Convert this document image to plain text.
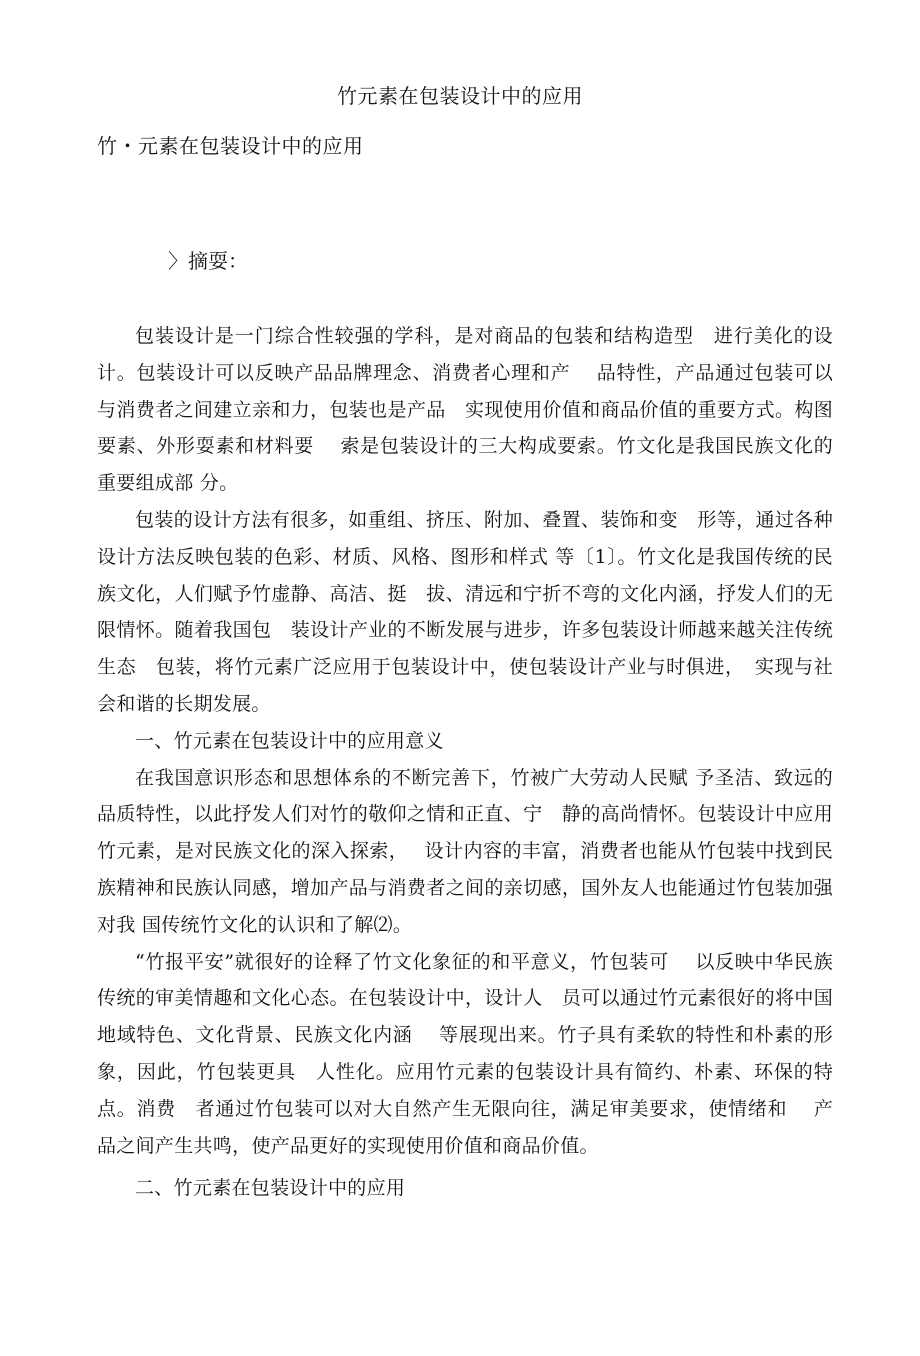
竹元素在包装设计中的应用
竹・元素在包装设计中的应用
〉摘耍：

包装设计是一门综合性较强的学科，是对商品的包装和结构造型　进行美化的设计。包装设计可以反映产品品牌理念、消费者心理和产　 品特性，产品通过包装可以与消费者之间建立亲和力，包装也是产品　实现使用价值和商品价值的重要方式。构图要素、外形耍素和材料要　 索是包装设计的三大构成要索。竹文化是我国民族文化的重要组成部 分。

包装的设计方法有很多，如重组、挤压、附加、叠置、装饰和变　形等，通过各种设计方法反映包装的色彩、材质、风格、图形和样式 等〔1〕。竹文化是我国传统的民族文化，人们赋予竹虚静、高洁、挺　拔、清远和宁折不弯的文化内涵，抒发人们的无限情怀。随着我国包　装设计产业的不断发展与进步，许多包装设计师越来越关注传统生态　包装，将竹元素广泛应用于包装设计中，使包装设计产业与时俱进，　实现与社会和谐的长期发展。

一、竹元素在包装设计中的应用意义

在我国意识形态和思想体糸的不断完善下，竹被广大劳动人民赋 予圣洁、致远的品质特性，以此抒发人们对竹的敬仰之情和正直、宁　静的高尚情怀。包装设计中应用竹元素，是对民族文化的深入探索，　 设计内容的丰富，消费者也能从竹包装中找到民族精神和民族认同感，增加产品与消费者之间的亲切感，国外友人也能通过竹包装加强对我 国传统竹文化的认识和了解⑵。

“竹报平安”就很好的诠释了竹文化象征的和平意义，竹包装可　 以反映中华民族传统的审美情趣和文化心态。在包装设计中，设计人　员可以通过竹元素很好的将中国地域特色、文化背景、民族文化内涵　 等展现出来。竹子具有柔软的特性和朴素的形象，因此，竹包装更具　人性化。应用竹元素的包装设计具有简约、朴素、环保的特点。消费　者通过竹包装可以对大自然产生无限向往，满足审美要求，使情绪和　 产品之间产生共鸣，使产品更好的实现使用价值和商品价值。

二、竹元素在包装设计中的应用
